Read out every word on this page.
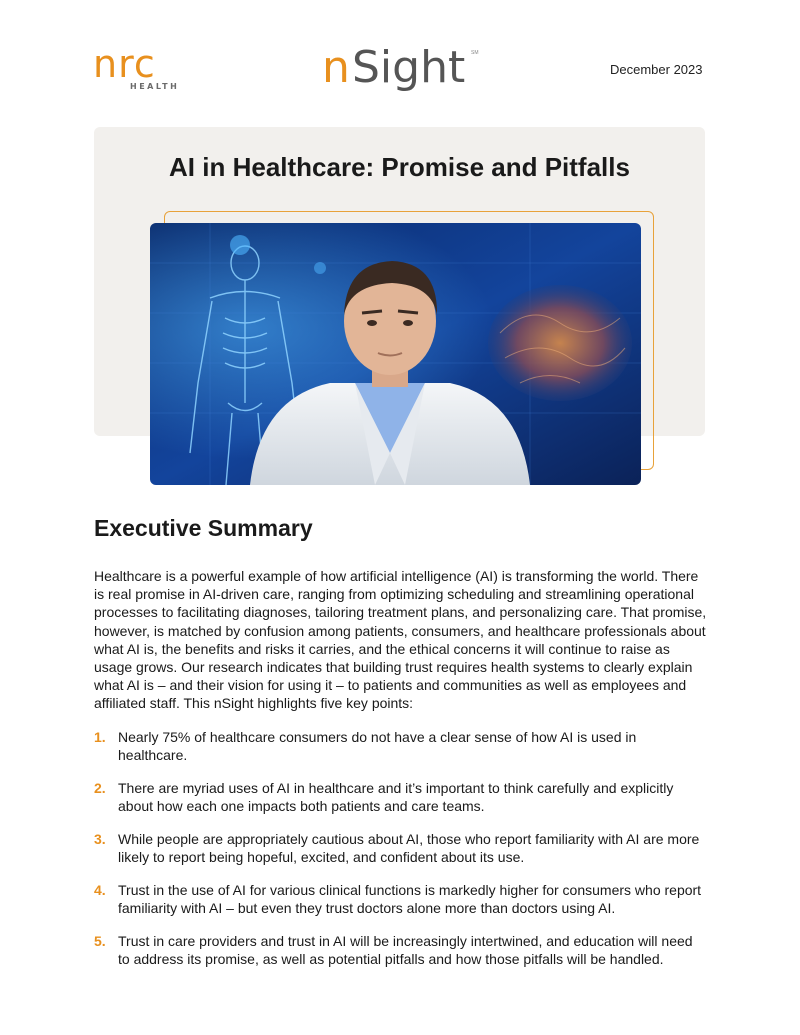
nrc
HEALTH	n Sight SM
December 2023
AI in Healthcare: Promise and Pitfalls
Executive Summary

Healthcare is a powerful example of how artificial intelligence (AI) is transforming the world. There is real promise in AI-driven care, ranging from optimizing scheduling and streamlining operational processes to facilitating diagnoses, tailoring treatment plans, and personalizing care. That promise, however, is matched by confusion among patients, consumers, and healthcare professionals about what AI is, the benefits and risks it carries, and the ethical concerns it will continue to raise as usage grows. Our research indicates that building trust requires health systems to clearly explain what AI is – and their vision for using it – to patients and communities as well as employees and affiliated staff. This nSight highlights five key points:

1. Nearly 75% of healthcare consumers do not have a clear sense of how AI is used in healthcare.
2. There are myriad uses of AI in healthcare and it’s important to think carefully and explicitly about how each one impacts both patients and care teams.
3. While people are appropriately cautious about AI, those who report familiarity with AI are more likely to report being hopeful, excited, and confident about its use.
4. Trust in the use of AI for various clinical functions is markedly higher for consumers who report familiarity with AI – but even they trust doctors alone more than doctors using AI.
5. Trust in care providers and trust in AI will be increasingly intertwined, and education will need to address its promise, as well as potential pitfalls and how those pitfalls will be handled.
